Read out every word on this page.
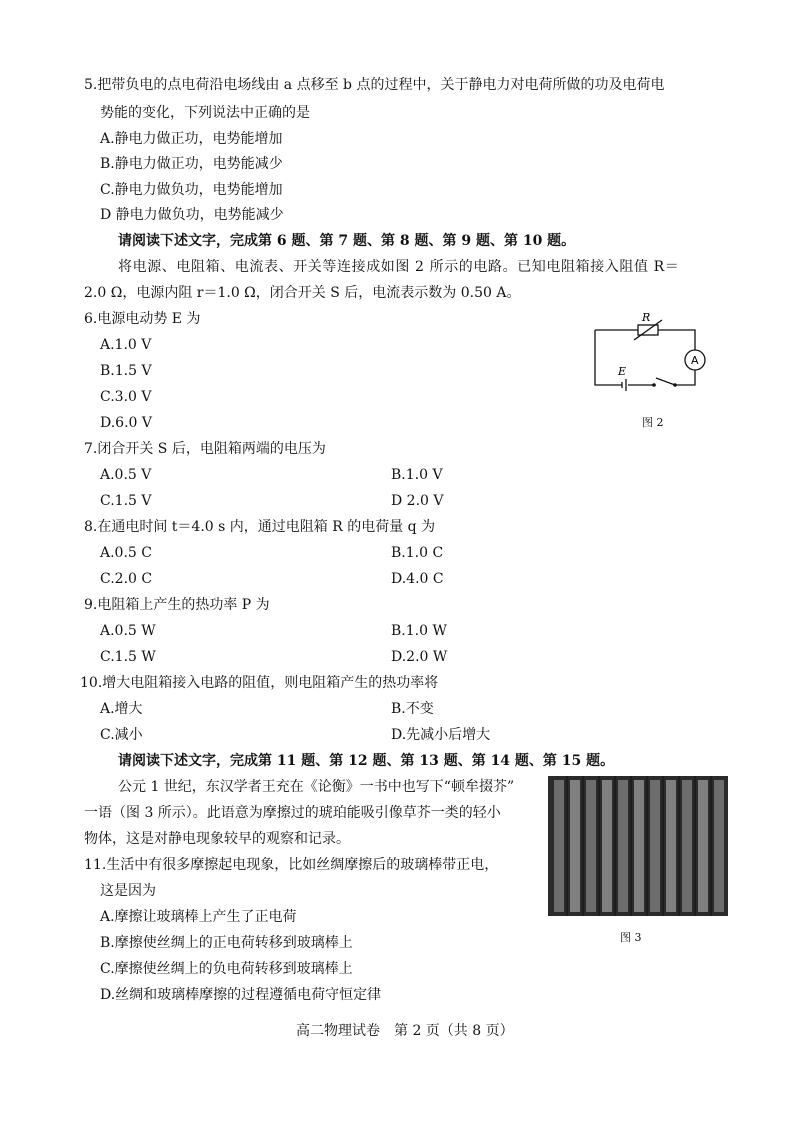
5.把带负电的点电荷沿电场线由 a 点移至 b 点的过程中，关于静电力对电荷所做的功及电荷电
势能的变化，下列说法中正确的是
A.静电力做正功，电势能增加
B.静电力做正功，电势能减少
C.静电力做负功，电势能增加
D 静电力做负功，电势能减少
请阅读下述文字，完成第 6 题、第 7 题、第 8 题、第 9 题、第 10 题。
将电源、电阻箱、电流表、开关等连接成如图 2 所示的电路。已知电阻箱接入阻值 R＝
2.0 Ω，电源内阻 r＝1.0 Ω，闭合开关 S 后，电流表示数为 0.50 A。
6.电源电动势 E 为
A.1.0 V
B.1.5 V
C.3.0 V
D.6.0 V
R
A
E
图 2
7.闭合开关 S 后，电阻箱两端的电压为
A.0.5 V	B.1.0 V
C.1.5 V	D 2.0 V
8.在通电时间 t＝4.0 s 内，通过电阻箱 R 的电荷量 q 为
A.0.5 C	B.1.0 C
C.2.0 C	D.4.0 C
9.电阻箱上产生的热功率 P 为
A.0.5 W	B.1.0 W
C.1.5 W	D.2.0 W
10.增大电阻箱接入电路的阻值，则电阻箱产生的热功率将
A.增大	B.不变
C.减小	D.先减小后增大
请阅读下述文字，完成第 11 题、第 12 题、第 13 题、第 14 题、第 15 题。
公元 1 世纪，东汉学者王充在《论衡》一书中也写下“顿牟掇芥”
一语（图 3 所示）。此语意为摩擦过的琥珀能吸引像草芥一类的轻小
物体，这是对静电现象较早的观察和记录。
图 3
11.生活中有很多摩擦起电现象，比如丝绸摩擦后的玻璃棒带正电，
这是因为
A.摩擦让玻璃棒上产生了正电荷
B.摩擦使丝绸上的正电荷转移到玻璃棒上
C.摩擦使丝绸上的负电荷转移到玻璃棒上
D.丝绸和玻璃棒摩擦的过程遵循电荷守恒定律
高二物理试卷　第 2 页（共 8 页）
